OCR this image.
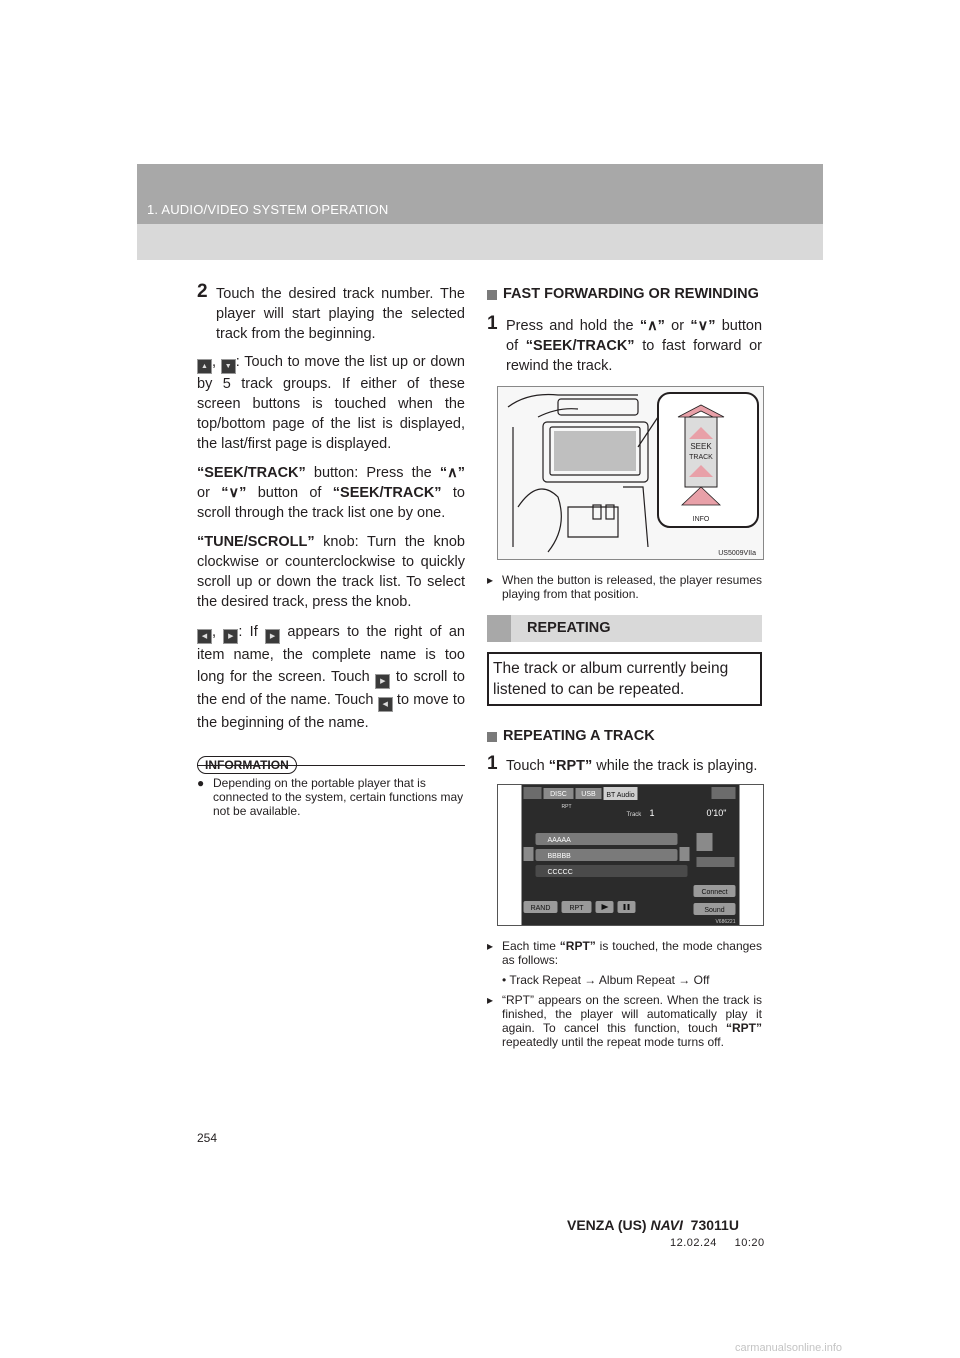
1. AUDIO/VIDEO SYSTEM OPERATION
2 Touch the desired track number. The player will start playing the selected track from the beginning.

▲ , ▼ : Touch to move the list up or down by 5 track groups. If either of these screen buttons is touched when the top/bottom page of the list is displayed, the last/first page is displayed.

“SEEK/TRACK” button: Press the “∧” or “∨” button of “SEEK/TRACK” to scroll through the track list one by one.

“TUNE/SCROLL” knob: Turn the knob clockwise or counterclockwise to quickly scroll up or down the track list. To select the desired track, press the knob.

◀ , ▶ : If ▶ appears to the right of an item name, the complete name is too long for the screen. Touch ▶ to scroll to the end of the name. Touch ◀ to move to the beginning of the name.

INFORMATION
● Depending on the portable player that is connected to the system, certain functions may not be available.
FAST FORWARDING OR REWINDING
1 Press and hold the “∧” or “∨” button of “SEEK/TRACK” to fast forward or rewind the track.

SEEK
TRACK
INFO
US5009VIIa
▸ When the button is released, the player resumes playing from that position.
REPEATING
The track or album currently being listened to can be repeated.
REPEATING A TRACK
1 Touch “RPT” while the track is playing.

DISC USB BT Audio
RPT
Track 1	0'10"
AAAAA
BBBBB
CCCCC
Connect
Sound
RAND	RPT
V686221
▸ Each time “RPT” is touched, the mode changes as follows:
• Track Repeat → Album Repeat → Off
▸ “RPT” appears on the screen. When the track is finished, the player will automatically play it again. To cancel this function, touch “RPT” repeatedly until the repeat mode turns off.
254
VENZA (US) NAVI  73011U
12.02.24     10:20
carmanualsonline.info
